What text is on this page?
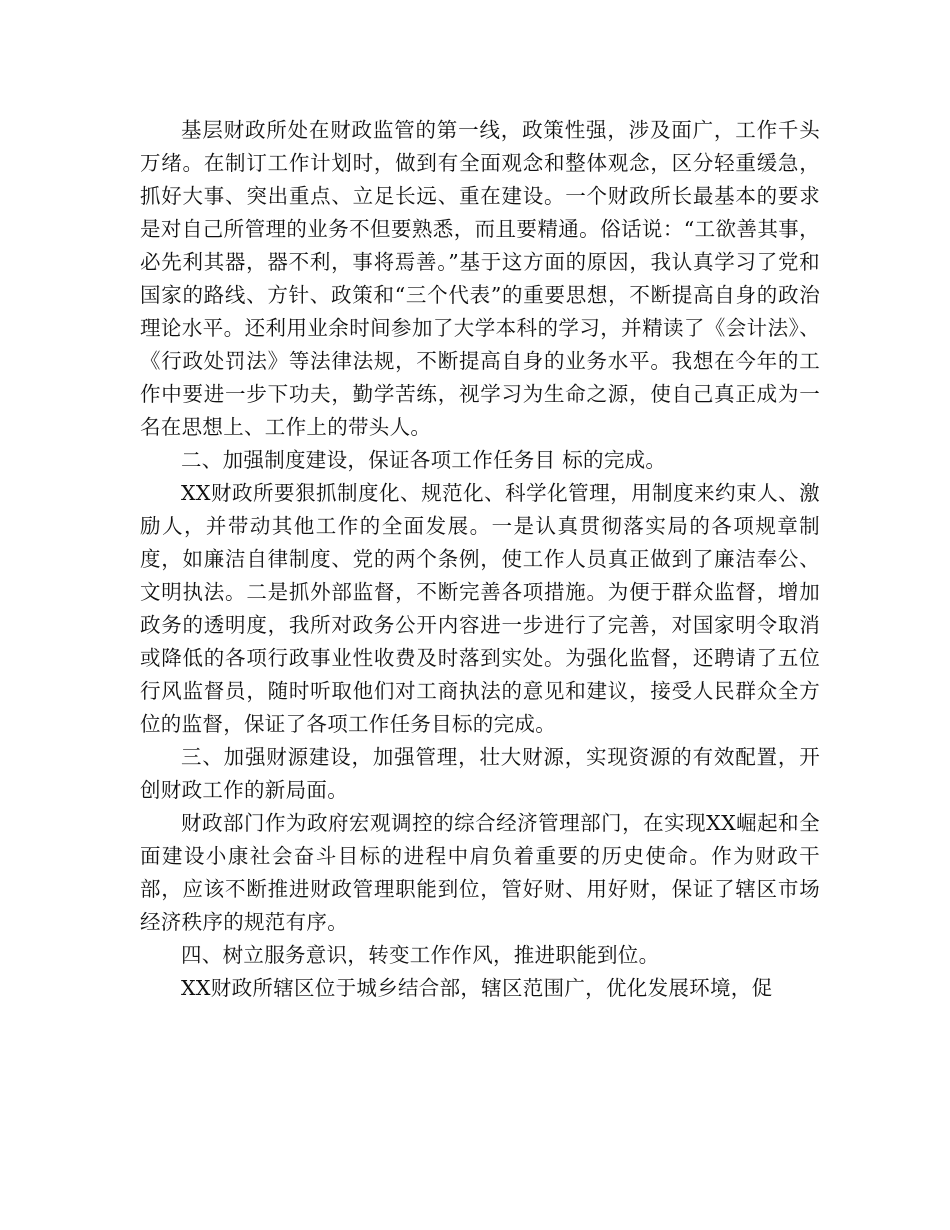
基层财政所处在财政监管的第一线，政策性强，涉及面广，工作千头万绪。在制订工作计划时，做到有全面观念和整体观念，区分轻重缓急，抓好大事、突出重点、立足长远、重在建设。一个财政所长最基本的要求是对自己所管理的业务不但要熟悉，而且要精通。俗话说：“工欲善其事，必先利其器，器不利，事将焉善。”基于这方面的原因，我认真学习了党和国家的路线、方针、政策和“三个代表”的重要思想，不断提高自身的政治理论水平。还利用业余时间参加了大学本科的学习，并精读了《会计法》、《行政处罚法》等法律法规，不断提高自身的业务水平。我想在今年的工作中要进一步下功夫，勤学苦练，视学习为生命之源，使自己真正成为一名在思想上、工作上的带头人。

二、加强制度建设，保证各项工作任务目 标的完成。

XX财政所要狠抓制度化、规范化、科学化管理，用制度来约束人、激励人，并带动其他工作的全面发展。一是认真贯彻落实局的各项规章制度，如廉洁自律制度、党的两个条例，使工作人员真正做到了廉洁奉公、文明执法。二是抓外部监督，不断完善各项措施。为便于群众监督，增加政务的透明度，我所对政务公开内容进一步进行了完善，对国家明令取消或降低的各项行政事业性收费及时落到实处。为强化监督，还聘请了五位行风监督员，随时听取他们对工商执法的意见和建议，接受人民群众全方位的监督，保证了各项工作任务目标的完成。

三、加强财源建设，加强管理，壮大财源，实现资源的有效配置，开创财政工作的新局面。

财政部门作为政府宏观调控的综合经济管理部门，在实现XX崛起和全面建设小康社会奋斗目标的进程中肩负着重要的历史使命。作为财政干部，应该不断推进财政管理职能到位，管好财、用好财，保证了辖区市场经济秩序的规范有序。

四、树立服务意识，转变工作作风，推进职能到位。

XX财政所辖区位于城乡结合部，辖区范围广，优化发展环境，促
